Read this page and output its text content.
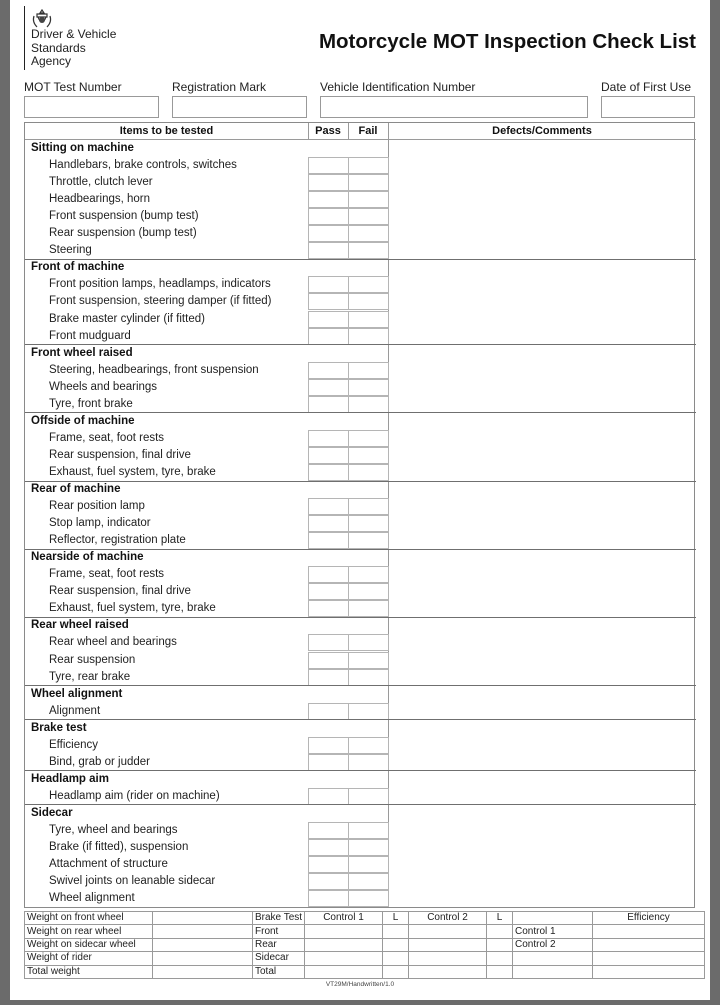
Driver & Vehicle
Standards
Agency
Motorcycle MOT Inspection Check List
MOT Test Number	Registration Mark	Vehicle Identification Number	Date of First Use
Items to be tested	Pass	Fail	Defects/Comments
Sitting on machine
Handlebars, brake controls, switches
Throttle, clutch lever
Headbearings, horn
Front suspension (bump test)
Rear suspension (bump test)
Steering
Front of machine
Front position lamps, headlamps, indicators
Front suspension, steering damper (if fitted)
Brake master cylinder (if fitted)
Front mudguard
Front wheel raised
Steering, headbearings, front suspension
Wheels and bearings
Tyre, front brake
Offside of machine
Frame, seat, foot rests
Rear suspension, final drive
Exhaust, fuel system, tyre, brake
Rear of machine
Rear position lamp
Stop lamp, indicator
Reflector, registration plate
Nearside of machine
Frame, seat, foot rests
Rear suspension, final drive
Exhaust, fuel system, tyre, brake
Rear wheel raised
Rear wheel and bearings
Rear suspension
Tyre, rear brake
Wheel alignment
Alignment
Brake test
Efficiency
Bind, grab or judder
Headlamp aim
Headlamp aim (rider on machine)
Sidecar
Tyre, wheel and bearings
Brake (if fitted), suspension
Attachment of structure
Swivel joints on leanable sidecar
Wheel alignment
Weight on front wheel		Brake Test	Control 1	L	Control 2	L		Efficiency
Weight on rear wheel		Front					Control 1	
Weight on sidecar wheel		Rear					Control 2	
Weight of rider		Sidecar						
Total weight		Total						
VT29M/Handwritten/1.0
